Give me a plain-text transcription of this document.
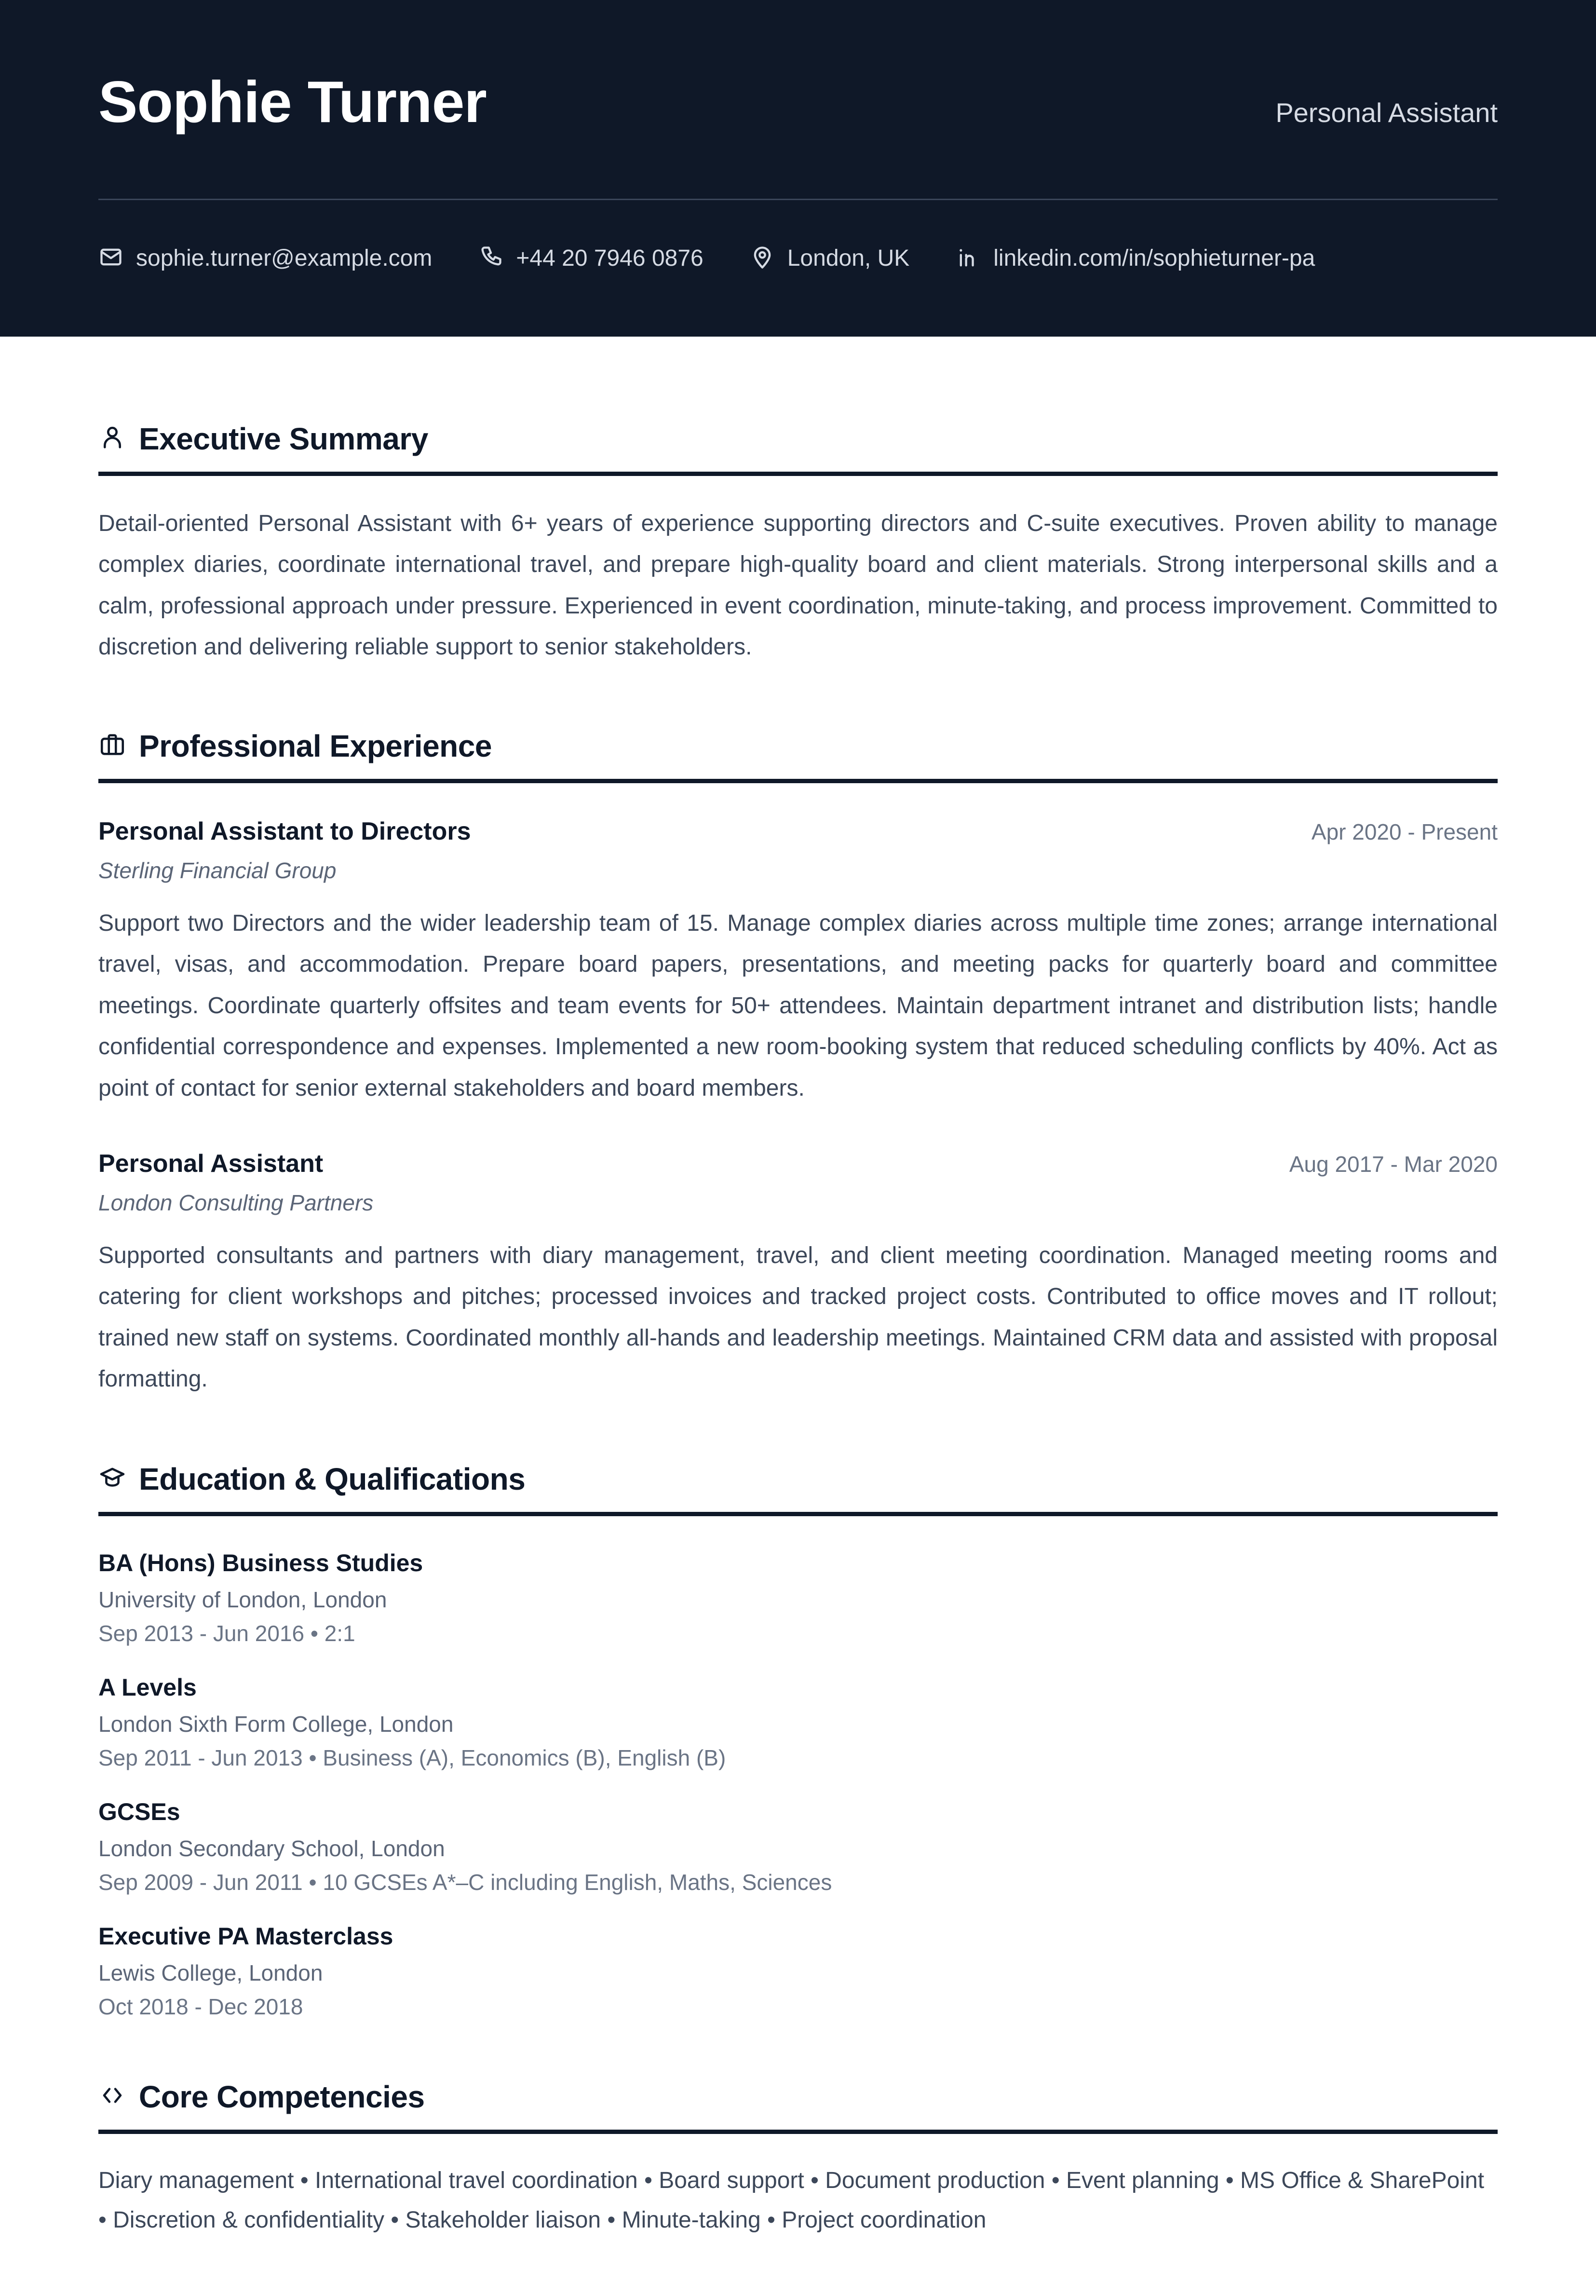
Sophie Turner	Personal Assistant
sophie.turner@example.com	+44 20 7946 0876	London, UK	linkedin.com/in/sophieturner-pa
Executive Summary

Detail-oriented Personal Assistant with 6+ years of experience supporting directors and C-suite executives. Proven ability to manage complex diaries, coordinate international travel, and prepare high-quality board and client materials. Strong interpersonal skills and a calm, professional approach under pressure. Experienced in event coordination, minute-taking, and process improvement. Committed to discretion and delivering reliable support to senior stakeholders.

Professional Experience
Personal Assistant to Directors	Apr 2020 - Present
Sterling Financial Group

Support two Directors and the wider leadership team of 15. Manage complex diaries across multiple time zones; arrange international travel, visas, and accommodation. Prepare board papers, presentations, and meeting packs for quarterly board and committee meetings. Coordinate quarterly offsites and team events for 50+ attendees. Maintain department intranet and distribution lists; handle confidential correspondence and expenses. Implemented a new room-booking system that reduced scheduling conflicts by 40%. Act as point of contact for senior external stakeholders and board members.

Personal Assistant	Aug 2017 - Mar 2020
London Consulting Partners

Supported consultants and partners with diary management, travel, and client meeting coordination. Managed meeting rooms and catering for client workshops and pitches; processed invoices and tracked project costs. Contributed to office moves and IT rollout; trained new staff on systems. Coordinated monthly all-hands and leadership meetings. Maintained CRM data and assisted with proposal formatting.

Education & Qualifications
BA (Hons) Business Studies
University of London, London
Sep 2013 - Jun 2016 • 2:1
A Levels
London Sixth Form College, London
Sep 2011 - Jun 2013 • Business (A), Economics (B), English (B)
GCSEs
London Secondary School, London
Sep 2009 - Jun 2011 • 10 GCSEs A*–C including English, Maths, Sciences
Executive PA Masterclass
Lewis College, London
Oct 2018 - Dec 2018
Core Competencies

Diary management • International travel coordination • Board support • Document production • Event planning • MS Office & SharePoint • Discretion & confidentiality • Stakeholder liaison • Minute-taking • Project coordination
